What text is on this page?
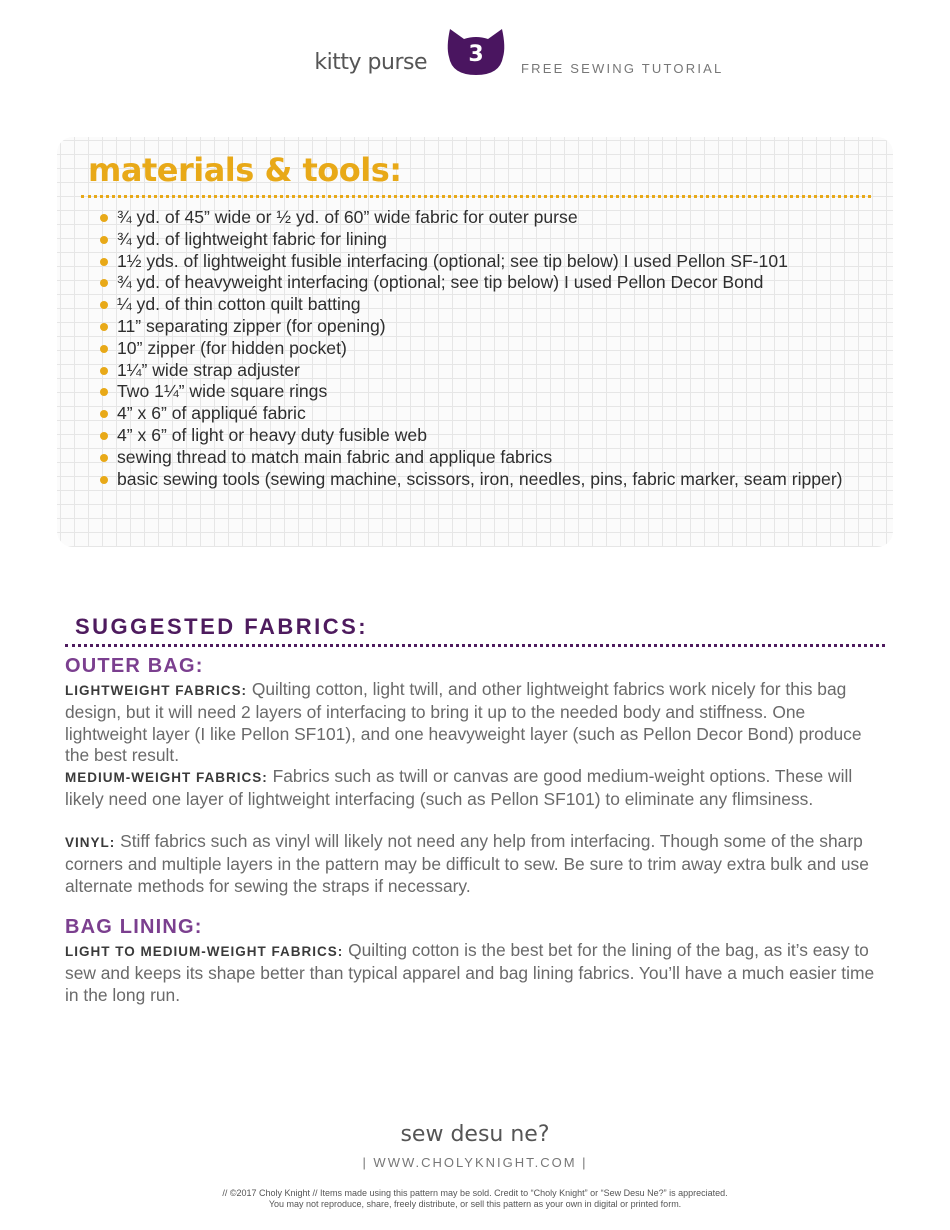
kitty purse	3
FREE SEWING TUTORIAL
materials & tools:
¾ yd. of 45” wide or ½ yd. of 60” wide fabric for outer purse
¾ yd. of lightweight fabric for lining
1½ yds. of lightweight fusible interfacing (optional; see tip below) I used Pellon SF-101
¾ yd. of heavyweight interfacing (optional; see tip below) I used Pellon Decor Bond
¼ yd. of thin cotton quilt batting
11” separating zipper (for opening)
10” zipper (for hidden pocket)
1¼” wide strap adjuster
Two 1¼” wide square rings
4” x 6” of appliqué fabric
4” x 6” of light or heavy duty fusible web
sewing thread to match main fabric and applique fabrics
basic sewing tools (sewing machine, scissors, iron, needles, pins, fabric marker, seam ripper)
SUGGESTED FABRICS:
OUTER BAG:
LIGHTWEIGHT FABRICS: Quilting cotton, light twill, and other lightweight fabrics work nicely for this bag design, but it will need 2 layers of interfacing to bring it up to the needed body and stiffness. One lightweight layer (I like Pellon SF101), and one heavyweight layer (such as Pellon Decor Bond) produce the best result.
MEDIUM-WEIGHT FABRICS: Fabrics such as twill or canvas are good medium-weight options. These will likely need one layer of lightweight interfacing (such as Pellon SF101) to eliminate any flimsiness.
VINYL: Stiff fabrics such as vinyl will likely not need any help from interfacing. Though some of the sharp corners and multiple layers in the pattern may be difficult to sew. Be sure to trim away extra bulk and use alternate methods for sewing the straps if necessary.
BAG LINING:
LIGHT TO MEDIUM-WEIGHT FABRICS: Quilting cotton is the best bet for the lining of the bag, as it’s easy to sew and keeps its shape better than typical apparel and bag lining fabrics. You’ll have a much easier time in the long run.
sew desu ne?
| WWW.CHOLYKNIGHT.COM |
// ©2017 Choly Knight // Items made using this pattern may be sold. Credit to “Choly Knight” or “Sew Desu Ne?” is appreciated.
You may not reproduce, share, freely distribute, or sell this pattern as your own in digital or printed form.
